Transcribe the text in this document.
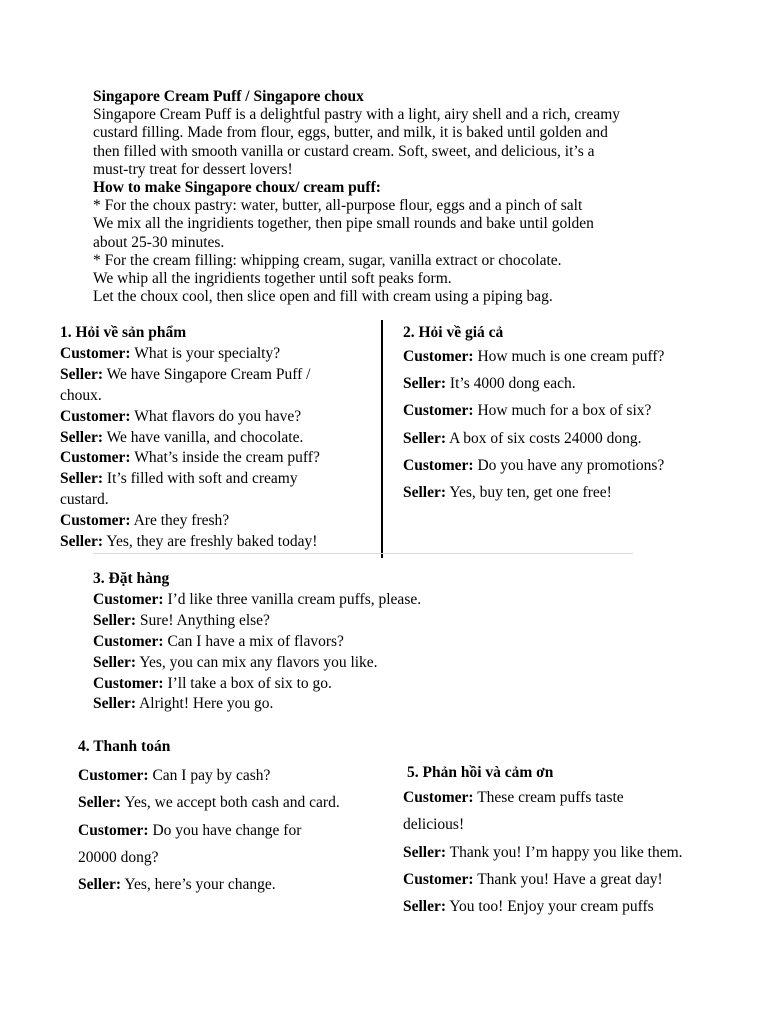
Singapore Cream Puff / Singapore choux
Singapore Cream Puff is a delightful pastry with a light, airy shell and a rich, creamy
custard filling. Made from flour, eggs, butter, and milk, it is baked until golden and
then filled with smooth vanilla or custard cream. Soft, sweet, and delicious, it’s a
must-try treat for dessert lovers!
How to make Singapore choux/ cream puff:
* For the choux pastry: water, butter, all-purpose flour, eggs and a pinch of salt
We mix all the ingridients together, then pipe small rounds and bake until golden
about 25-30 minutes.
* For the cream filling: whipping cream, sugar, vanilla extract or chocolate.
We whip all the ingridients together until soft peaks form.
Let the choux cool, then slice open and fill with cream using a piping bag.
1. Hỏi về sản phẩm
Customer: What is your specialty?
Seller: We have Singapore Cream Puff /
choux.
Customer: What flavors do you have?
Seller: We have vanilla, and chocolate.
Customer: What’s inside the cream puff?
Seller: It’s filled with soft and creamy
custard.
Customer: Are they fresh?
Seller: Yes, they are freshly baked today!
2. Hỏi về giá cả
Customer: How much is one cream puff?
Seller: It’s 4000 dong each.
Customer: How much for a box of six?
Seller: A box of six costs 24000 dong.
Customer: Do you have any promotions?
Seller: Yes, buy ten, get one free!
3. Đặt hàng
Customer: I’d like three vanilla cream puffs, please.
Seller: Sure! Anything else?
Customer: Can I have a mix of flavors?
Seller: Yes, you can mix any flavors you like.
Customer: I’ll take a box of six to go.
Seller: Alright! Here you go.
4. Thanh toán
Customer: Can I pay by cash?
Seller: Yes, we accept both cash and card.
Customer: Do you have change for
20000 dong?
Seller: Yes, here’s your change.
5. Phản hồi và cảm ơn
Customer: These cream puffs taste
delicious!
Seller: Thank you! I’m happy you like them.
Customer: Thank you! Have a great day!
Seller: You too! Enjoy your cream puffs
